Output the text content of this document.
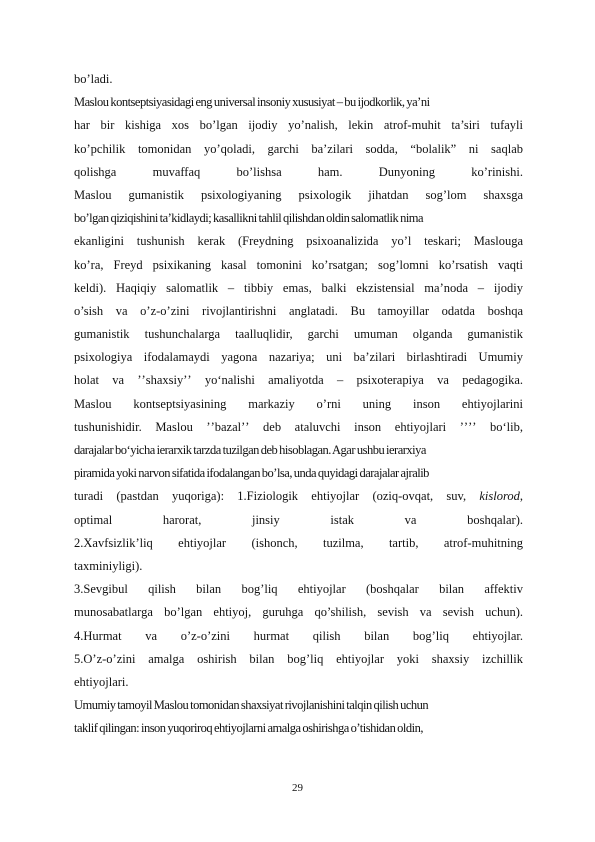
bo’ladi.
Maslou kontseptsiyasidagi eng universal insoniy xususiyat – bu ijodkorlik, ya’ni
har bir kishiga xos bo’lgan ijodiy yo’nalish, lekin atrof-muhit ta’siri tufayli
ko’pchilik tomonidan yo’qoladi, garchi ba’zilari sodda, “bolalik” ni saqlab
qolishga muvaffaq bo’lishsa ham. Dunyoning ko’rinishi.
Maslou gumanistik psixologiyaning psixologik jihatdan sog’lom shaxsga
bo’lgan qiziqishini ta’kidlaydi; kasallikni tahlil qilishdan oldin salomatlik nima
ekanligini tushunish kerak (Freydning psixoanalizida yo’l teskari; Maslouga
ko’ra, Freyd psixikaning kasal tomonini ko’rsatgan; sog’lomni ko’rsatish vaqti
keldi). Haqiqiy salomatlik – tibbiy emas, balki ekzistensial ma’noda – ijodiy
o’sish va o’z-o’zini rivojlantirishni anglatadi. Bu tamoyillar odatda boshqa
gumanistik tushunchalarga taalluqlidir, garchi umuman olganda gumanistik
psixologiya ifodalamaydi yagona nazariya; uni ba’zilari birlashtiradi Umumiy
holat va ʼʼshaxsiyʼʼ yo‘nalishi amaliyotda – psixoterapiya va pedagogika.
Maslou kontseptsiyasining markaziy o’rni uning inson ehtiyojlarini
tushunishidir. Maslou ʼʼbazalʼʼ deb ataluvchi inson ehtiyojlari ʼʼʼʼ bo‘lib,
darajalar bo‘yicha ierarxik tarzda tuzilgan deb hisoblagan. Agar ushbu ierarxiya
piramida yoki narvon sifatida ifodalangan bo’lsa, unda quyidagi darajalar ajralib
turadi (pastdan yuqoriga): 1.Fiziologik ehtiyojlar (oziq-ovqat, suv, kislorod,
optimal harorat, jinsiy istak va boshqalar).
2.Xavfsizlik’liq ehtiyojlar (ishonch, tuzilma, tartib, atrof-muhitning
taxminiyligi).
3.Sevgibul qilish bilan bog’liq ehtiyojlar (boshqalar bilan affektiv
munosabatlarga bo’lgan ehtiyoj, guruhga qo’shilish, sevish va sevish uchun).
4.Hurmat va o’z-o’zini hurmat qilish bilan bog’liq ehtiyojlar.
5.O’z-o’zini amalga oshirish bilan bog’liq ehtiyojlar yoki shaxsiy izchillik
ehtiyojlari.
Umumiy tamoyil Maslou tomonidan shaxsiyat rivojlanishini talqin qilish uchun
taklif qilingan: inson yuqoriroq ehtiyojlarni amalga oshirishga o’tishidan oldin,
29
